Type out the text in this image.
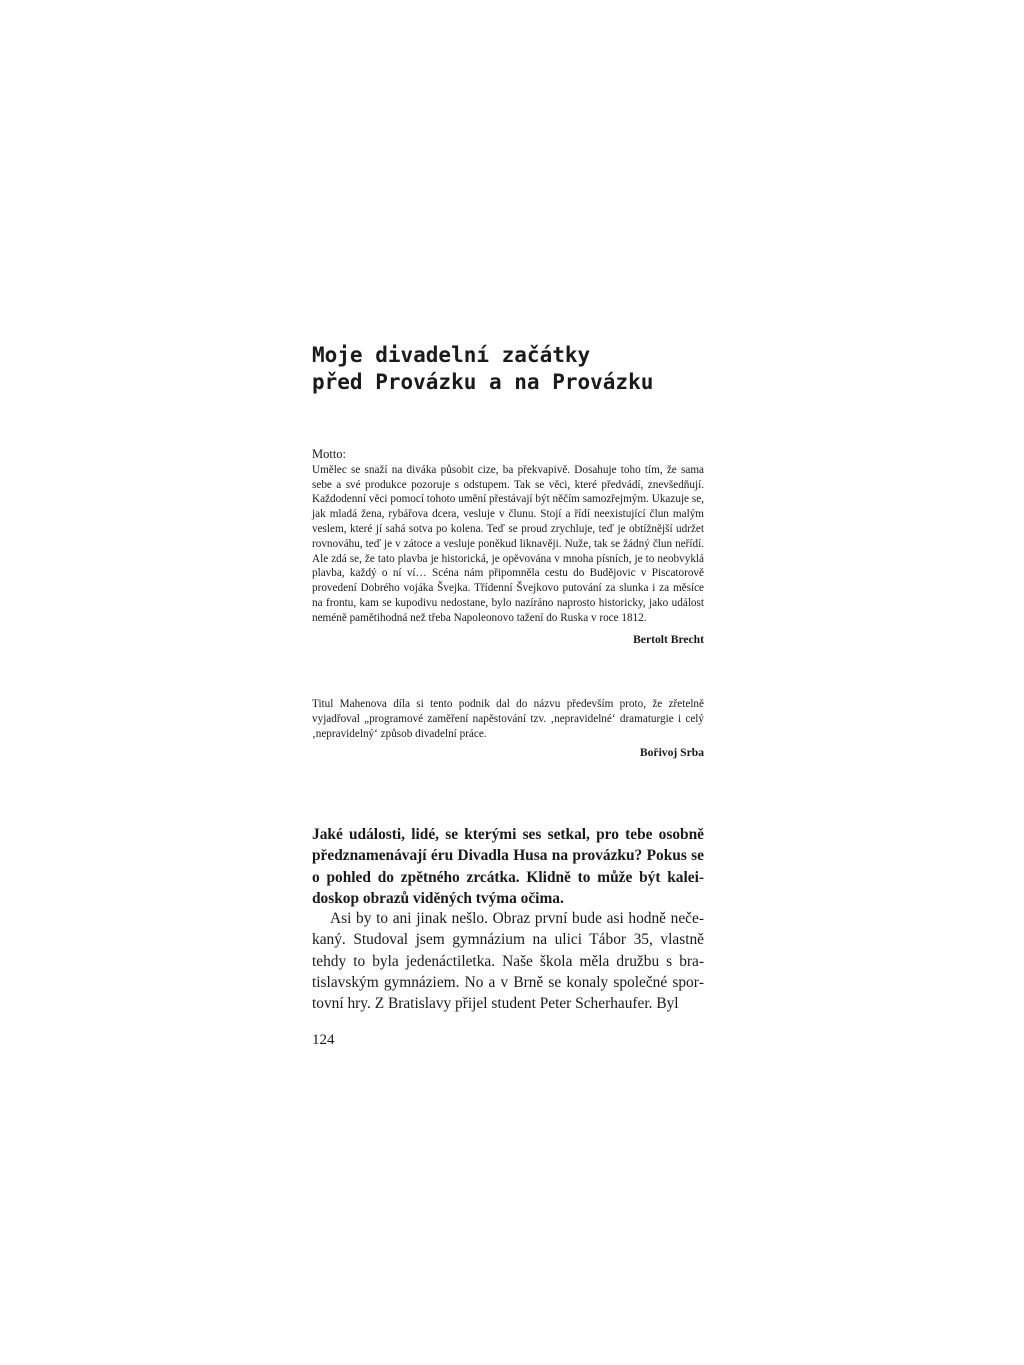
Moje divadelní začátky
před Provázku a na Provázku
Motto:

Umělec se snaží na diváka působit cize, ba překvapivě. Dosahuje toho tím, že sama sebe a své produkce pozoruje s odstupem. Tak se věci, které předvádí, znevšedňují. Každodenní věci pomocí tohoto umění přestávají být něčím samozřejmým. Ukazuje se, jak mladá žena, rybářova dcera, vesluje v člunu. Stojí a řídí neexistující člun malým veslem, které jí sahá sotva po kolena. Teď se proud zrychluje, teď je obtížnější udržet rovnováhu, teď je v zátoce a vesluje poněkud liknavěji. Nuže, tak se žádný člun neřídí. Ale zdá se, že tato plavba je historická, je opěvována v mnoha písních, je to neobvyklá plavba, každý o ní ví… Scéna nám připomněla cestu do Budějovic v Piscatorově provedení Dobrého vojáka Švejka. Třídenní Švejkovo putování za slunka i za měsíce na frontu, kam se kupodivu nedostane, bylo nazíráno naprosto historicky, jako událost neméně pamětihodná než třeba Napoleonovo tažení do Ruska v roce 1812.

Bertolt Brecht

Titul Mahenova díla si tento podnik dal do názvu především proto, že zřetelně vyjadřoval „programové zaměření napěstování tzv. ‚nepravidelné‘ dramaturgie i celý ‚nepravidelný‘ způsob divadelní práce.

Bořivoj Srba

Jaké události, lidé, se kterými ses setkal, pro tebe osobně předznamenávají éru Divadla Husa na provázku? Pokus se o pohled do zpětného zrcátka. Klidně to může být kaleidoskop obrazů viděných tvýma očima.

Asi by to ani jinak nešlo. Obraz první bude asi hodně nečekaný. Studoval jsem gymnázium na ulici Tábor 35, vlastně tehdy to byla jedenáctiletka. Naše škola měla družbu s bratislavským gymnáziem. No a v Brně se konaly společné sportovní hry. Z Bratislavy přijel student Peter Scherhaufer. Byl

124
